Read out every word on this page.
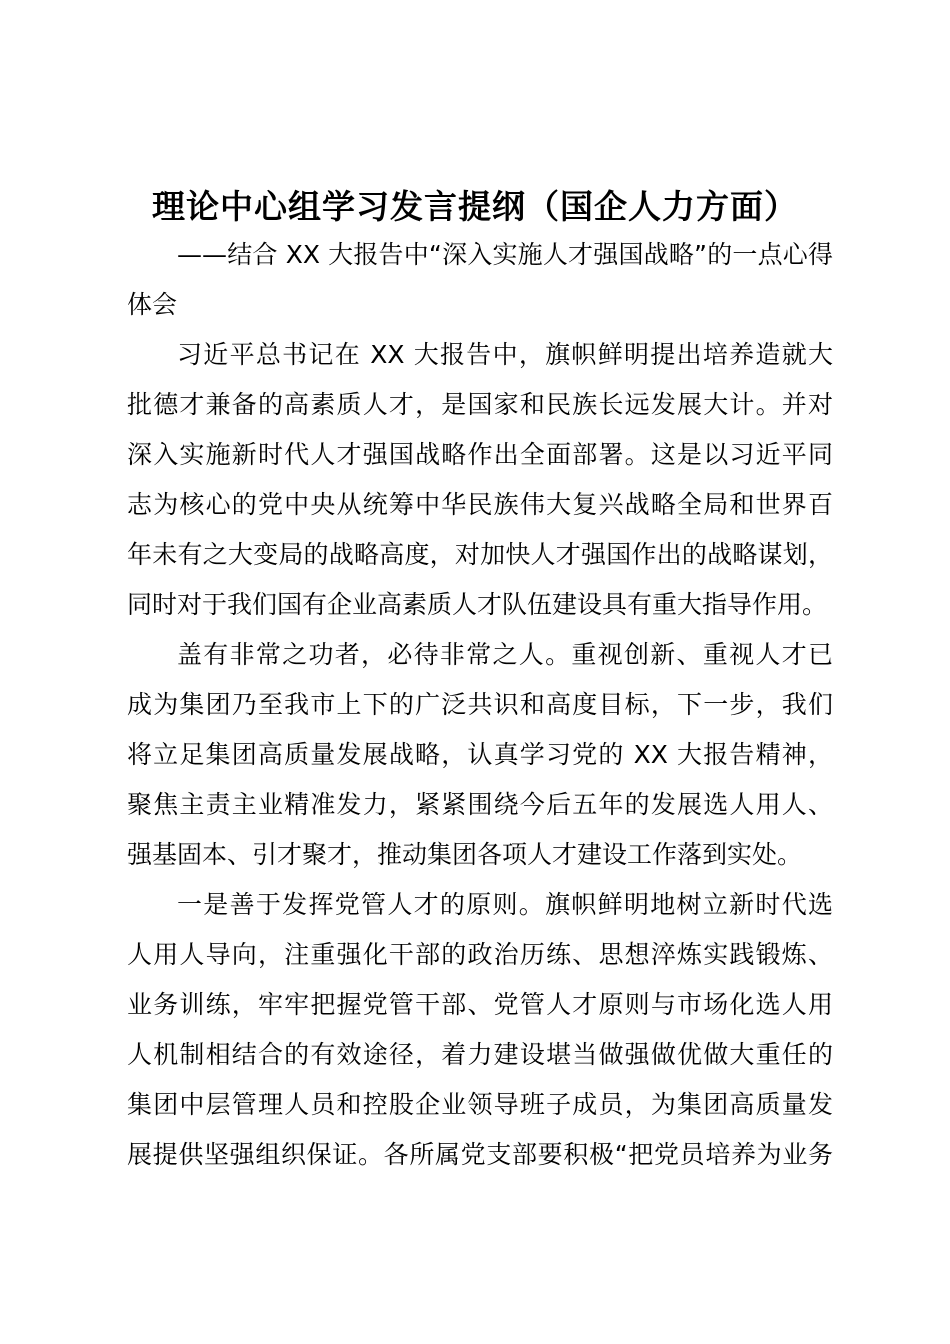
理论中心组学习发言提纲（国企人力方面）
——结合 XX 大报告中“深入实施人才强国战略”的一点心得
体会
习近平总书记在 XX 大报告中，旗帜鲜明提出培养造就大
批德才兼备的高素质人才，是国家和民族长远发展大计。并对
深入实施新时代人才强国战略作出全面部署。这是以习近平同
志为核心的党中央从统筹中华民族伟大复兴战略全局和世界百
年未有之大变局的战略高度，对加快人才强国作出的战略谋划，
同时对于我们国有企业高素质人才队伍建设具有重大指导作用。
盖有非常之功者，必待非常之人。重视创新、重视人才已
成为集团乃至我市上下的广泛共识和高度目标，下一步，我们
将立足集团高质量发展战略，认真学习党的 XX 大报告精神，
聚焦主责主业精准发力，紧紧围绕今后五年的发展选人用人、
强基固本、引才聚才，推动集团各项人才建设工作落到实处。
一是善于发挥党管人才的原则。旗帜鲜明地树立新时代选
人用人导向，注重强化干部的政治历练、思想淬炼实践锻炼、
业务训练，牢牢把握党管干部、党管人才原则与市场化选人用
人机制相结合的有效途径，着力建设堪当做强做优做大重任的
集团中层管理人员和控股企业领导班子成员，为集团高质量发
展提供坚强组织保证。各所属党支部要积极“把党员培养为业务
